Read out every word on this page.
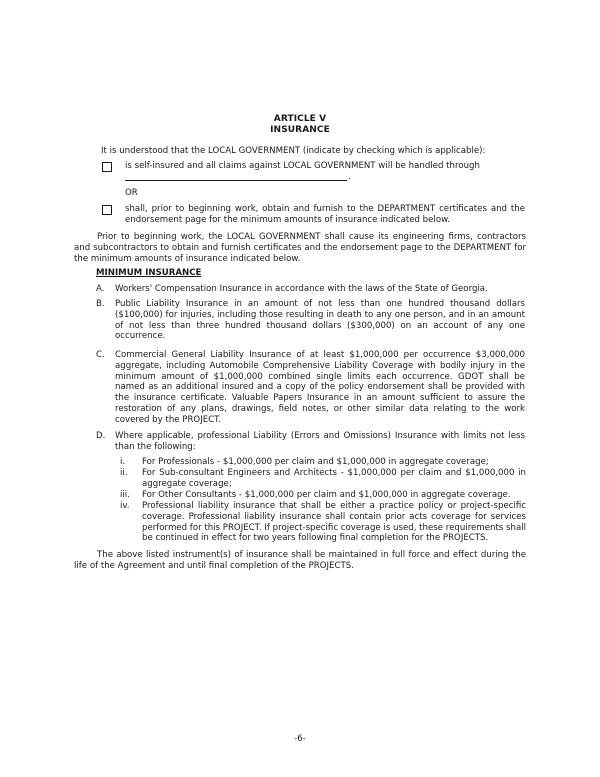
ARTICLE V
INSURANCE

It is understood that the LOCAL GOVERNMENT (indicate by checking which is applicable):

is self-insured and all claims against LOCAL GOVERNMENT will be handled through

.
OR

shall, prior to beginning work, obtain and furnish to the DEPARTMENT certificates and the endorsement page for the minimum amounts of insurance indicated below.

Prior to beginning work, the LOCAL GOVERNMENT shall cause its engineering firms, contractors and subcontractors to obtain and furnish certificates and the endorsement page to the DEPARTMENT for the minimum amounts of insurance indicated below.

MINIMUM INSURANCE
A. Workers' Compensation Insurance in accordance with the laws of the State of Georgia.

B. Public Liability Insurance in an amount of not less than one hundred thousand dollars ($100,000) for injuries, including those resulting in death to any one person, and in an amount of not less than three hundred thousand dollars ($300,000) on an account of any one occurrence.

C. Commercial General Liability Insurance of at least $1,000,000 per occurrence $3,000,000 aggregate, including Automobile Comprehensive Liability Coverage with bodily injury in the minimum amount of $1,000,000 combined single limits each occurrence. GDOT shall be named as an additional insured and a copy of the policy endorsement shall be provided with the insurance certificate. Valuable Papers Insurance in an amount sufficient to assure the restoration of any plans, drawings, field notes, or other similar data relating to the work covered by the PROJECT.

D. Where applicable, professional Liability (Errors and Omissions) Insurance with limits not less than the following:

i. For Professionals - $1,000,000 per claim and $1,000,000 in aggregate coverage;

ii. For Sub-consultant Engineers and Architects - $1,000,000 per claim and $1,000,000 in aggregate coverage;

iii. For Other Consultants - $1,000,000 per claim and $1,000,000 in aggregate coverage.

iv. Professional liability insurance that shall be either a practice policy or project-specific coverage. Professional liability insurance shall contain prior acts coverage for services performed for this PROJECT. If project-specific coverage is used, these requirements shall be continued in effect for two years following final completion for the PROJECTS.

The above listed instrument(s) of insurance shall be maintained in full force and effect during the life of the Agreement and until final completion of the PROJECTS.

-6-
